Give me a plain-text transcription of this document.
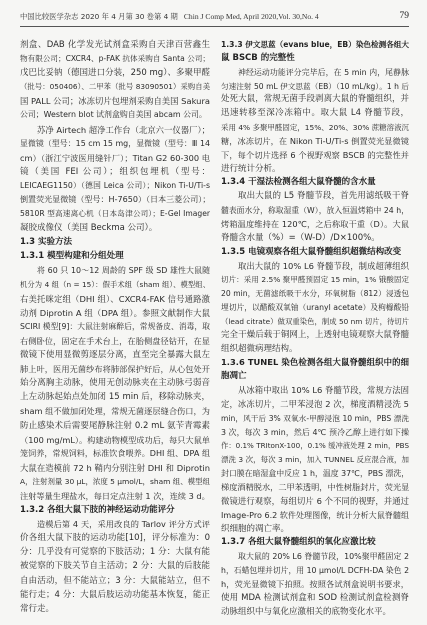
中国比较医学杂志 2020 年 4 月第 30 卷第 4 期 Chin J Comp Med, April 2020,Vol. 30,No. 4	79
剂盒、DAB 化学发光试剂盒采购自天津百营鑫生
物有限公司；CXCR4、p-FAK 抗体采购自 Santa 公司；
戊巴比妥钠（德国进口分装，250 mg）、多聚甲醛
（批号：050406）、二甲苯（批号 83090501）采购自美
国 PALL 公司；冰冻切片包埋剂采购自美国 Sakura
公司；Western blot 试剂盒购自美国 abcam 公司。
苏净 Airtech 超净工作台（北京六一仪器厂）；
显微镜（型号：15 cm 15 mg，显微镜（型号：Ⅲ 14
cm）（浙江宁波医用缝针厂）；Titan G2 60-300 电
镜（美国 FEI 公司）；组织包埋机（型号：
LEICAEG1150）（德国 Leica 公司）；Nikon Ti-U/Ti-s
倒置荧光显微镜（型号：H-7650）（日本三菱公司）；
5810R 型高速离心机（日本岛津公司）；E-Gel Imager
凝胶成像仪（美国 Beckma 公司）。
1.3 实验方法
1.3.1 模型构建和分组处理
将 60 只 10～12 周龄的 SPF 级 SD 雄性大鼠随
机分为 4 组（n = 15）：假手术组（sham 组）、模型组、
右美托咪定组（DHI 组）、CXCR4-FAK 信号通路激
动剂 Diprotin A 组（DPA 组）。参照文献制作大鼠
SCIRI 模型[9]：大鼠注射麻醉后，常规备皮、消毒，取
右侧卧位，固定在手术台上，在胎侧盘径钻开，在显
微镜下使用显微剪逐层分离，直至完全暴露大鼠左
肺上叶，医用无菌纱布将肺部保护好后，从心包处开
始分离胸主动脉，使用无创动脉夹在主动脉弓弱音
上左动脉起始点处加闭 15 min 后，移除动脉夹，
sham 组不做加闭处理，常规无菌逐层缝合伤口，为
防止感染术后需要尾静脉注射 0.2 mL 氨苄青霉素
（100 mg/mL）。构建动物模型成功后，每只大鼠单
笼饲养，常规饲料，标准饮食喂养。DHI 组、DPA 组
大鼠在造模前 72 h 鞘内分别注射 DHI 和 Diprotin
A，注射剂量 30 μL，浓度 5 μmol/L，sham 组、模型组
注射等量生理盐水，每日定点注射 1 次，连续 3 d。
1.3.2 各组大鼠下肢的神经运动功能评分
造模后第 4 天，采用改良的 Tarlov 评分方式评
价各组大鼠下肢的运动功能[10]，评分标准为：0
分：几乎没有可觉察的下肢活动；1 分：大鼠有能
被觉察的下肢关节自主活动；2 分：大鼠的后肢能
自由活动，但不能站立；3 分：大鼠能站立，但不
能行走；4 分：大鼠后肢运动功能基本恢复，能正
常行走。
1.3.3 伊文思蓝（evans blue，EB）染色检测各组大
鼠 BSCB 的完整性
神经运动功能评分完毕后，在 5 min 内，尾静脉
匀速注射 50 mL 伊文思蓝（EB）（10 mL/kg）。1 h 后
处死大鼠，常规无菌手段剥离大鼠的脊髓组织，并
迅速转移至深冷冻箱中。取大鼠 L4 脊髓节段，
采用 4% 多聚甲醛固定，15%、20%、30% 蔗糖溶液沉
糖，冰冻切片，在 Nikon Ti-U/Ti-s 倒置荧光显微镜
下，每个切片选择 6 个视野观察 BSCB 的完整性并
进行统计分析。
1.3.4 干湿法检测各组大鼠脊髓的含水量
取出大鼠的 L5 脊髓节段，首先用滤纸吸干脊
髓表面水分，称取湿重（W），放入恒温烤箱中 24 h，
烤箱温度维持在 120℃，之后称取干重（D）。大鼠
脊髓含水量（%）=（W-D）/D×100%。
1.3.5 电镜观察各组大鼠脊髓组织超微结构改变
取出大鼠的 10% L6 脊髓节段，制成超薄组织
切片：采用 2.5% 聚甲醛预固定 15 min，1% 锇酸固定
20 min，无菌滤纸吸干水分，环氧树脂（812）浸透包
埋切片，以醋酸双氧铀（uranyl acetate）及枸橼酸铅
（lead citrate）做双重染色，制成 50 nm 切片，待切片
完全干燥后载于铜网上，上透射电镜观察大鼠脊髓
组织超微病理结构。
1.3.6 TUNEL 染色检测各组大鼠脊髓组织中的细
胞凋亡
从冰箱中取出 10% L6 脊髓节段，常规方法固
定，冰冻切片，二甲苯浸泡 2 次，梯度酒精浸洗 5
min，风干后 3% 双氧水-甲醇浸泡 10 min，PBS 漂洗
3 次，每次 3 min，然后 4℃ 预冷乙醇上进行如下操
作：0.1% TRItonX-100，0.1% 缓冲液处理 2 min，PBS
漂洗 3 次，每次 3 min，加入 TUNNEL 反应混合液，加
封口膜在暗湿盒中反应 1 h，温度 37℃，PBS 漂洗，
梯度酒精脱水，二甲苯透明，中性树脂封片，荧光显
微镜进行观察，每组切片 6 个不同的视野，并通过
Image-Pro 6.2 软件处理图像，统计分析大鼠脊髓组
织细胞的凋亡率。
1.3.7 各组大鼠脊髓组织的氧化应激比较
取大鼠的 20% L6 脊髓节段，10%聚甲醛固定 2
h，石蜡包埋并切片，用 10 μmol/L DCFH-DA 染色 2
h，荧光显微镜下拍照。按照各试剂盒说明书要求，
使用 MDA 检测试剂盒和 SOD 检测试剂盒检测脊
动脉组织中与氧化应激相关的底物变化水平。
